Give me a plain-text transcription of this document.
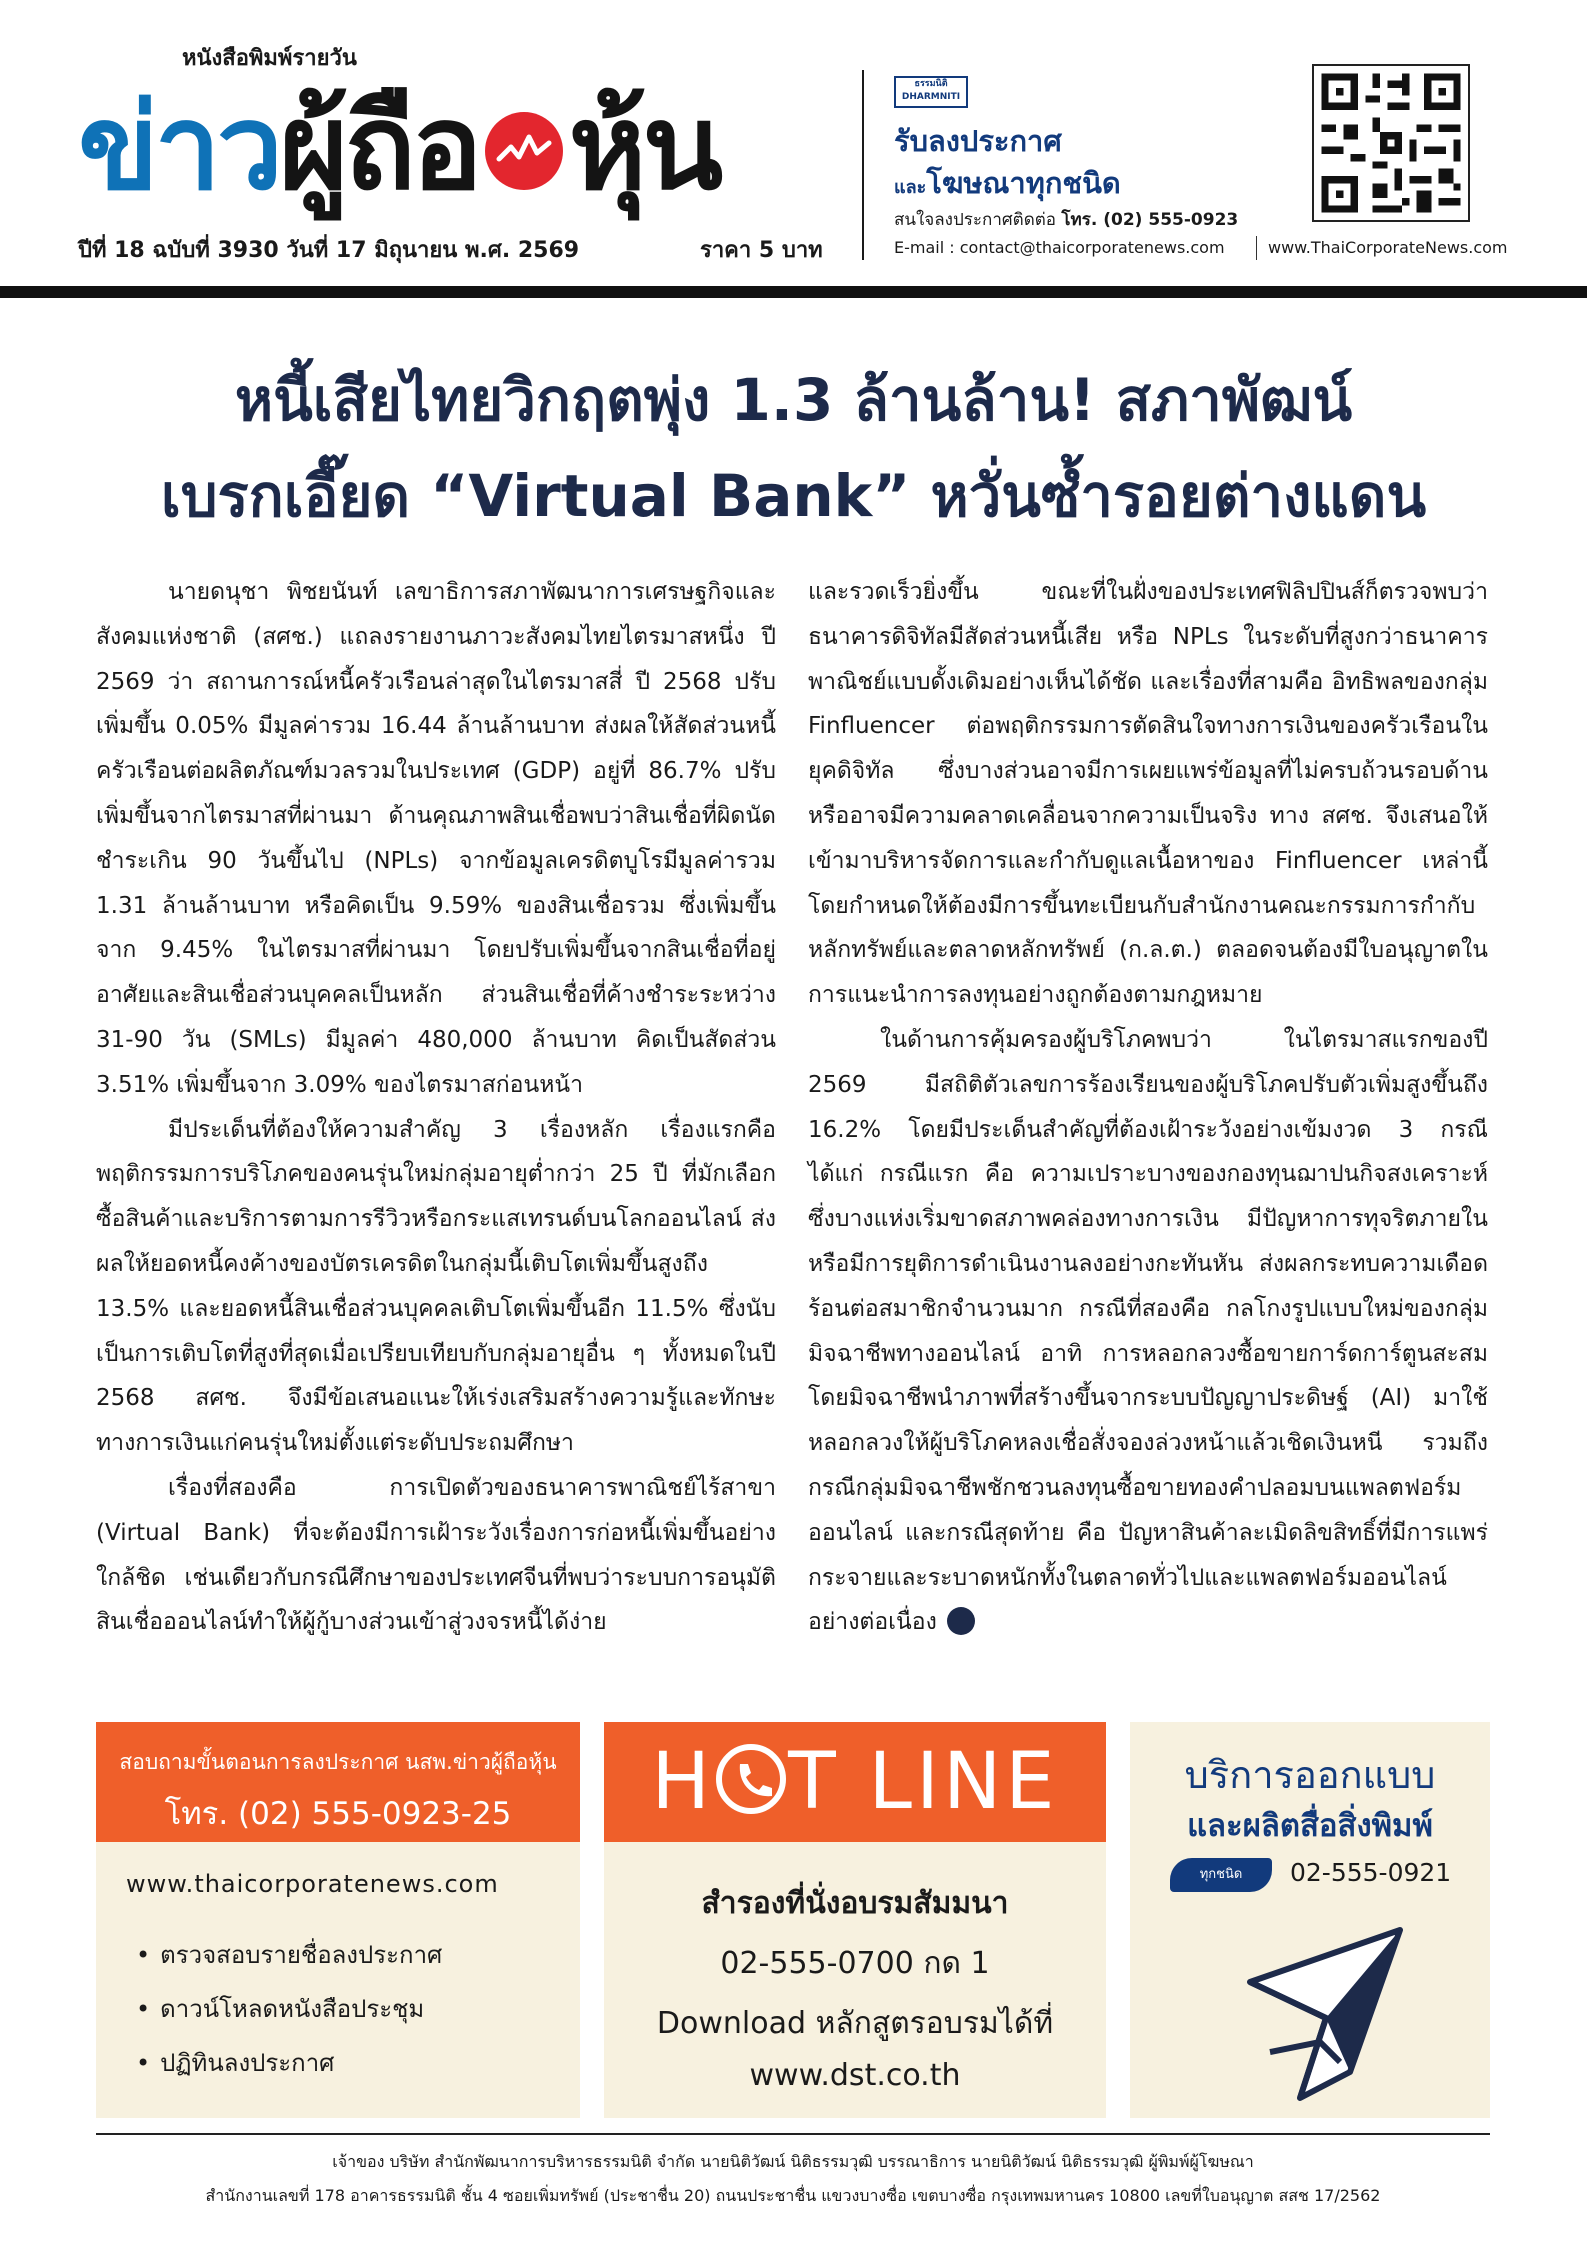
หนังสือพิมพ์รายวัน
ข่าว ผู้ถือ หุ้น
ปีที่ 18 ฉบับที่ 3930 วันที่ 17 มิถุนายน พ.ศ. 2569	ราคา 5 บาท
ธรรมนิติ
DHARMNITI
รับลงประกาศ
และโฆษณาทุกชนิด
สนใจลงประกาศติดต่อ โทร. (02) 555-0923
E-mail : contact@thaicorporatenews.com	www.ThaiCorporateNews.com
หนี้เสียไทยวิกฤตพุ่ง 1.3 ล้านล้าน! สภาพัฒน์
เบรกเอี๊ยด “Virtual Bank” หวั่นซ้ำรอยต่างแดน

นายดนุชา พิชยนันท์ เลขาธิการสภาพัฒนาการเศรษฐกิจและสังคมแห่งชาติ (สศช.) แถลงรายงานภาวะสังคมไทยไตรมาสหนึ่ง ปี 2569 ว่า สถานการณ์หนี้ครัวเรือนล่าสุดในไตรมาสสี่ ปี 2568 ปรับเพิ่มขึ้น 0.05% มีมูลค่ารวม 16.44 ล้านล้านบาท ส่งผลให้สัดส่วนหนี้ครัวเรือนต่อผลิตภัณฑ์มวลรวมในประเทศ (GDP) อยู่ที่ 86.7% ปรับเพิ่มขึ้นจากไตรมาสที่ผ่านมา ด้านคุณภาพสินเชื่อพบว่าสินเชื่อที่ผิดนัดชำระเกิน 90 วันขึ้นไป (NPLs) จากข้อมูลเครดิตบูโรมีมูลค่ารวม 1.31 ล้านล้านบาท หรือคิดเป็น 9.59% ของสินเชื่อรวม ซึ่งเพิ่มขึ้นจาก 9.45% ในไตรมาสที่ผ่านมา โดยปรับเพิ่มขึ้นจากสินเชื่อที่อยู่อาศัยและสินเชื่อส่วนบุคคลเป็นหลัก ส่วนสินเชื่อที่ค้างชำระระหว่าง 31-90 วัน (SMLs) มีมูลค่า 480,000 ล้านบาท คิดเป็นสัดส่วน 3.51% เพิ่มขึ้นจาก 3.09% ของไตรมาสก่อนหน้า

มีประเด็นที่ต้องให้ความสำคัญ 3 เรื่องหลัก เรื่องแรกคือ พฤติกรรมการบริโภคของคนรุ่นใหม่กลุ่มอายุต่ำกว่า 25 ปี ที่มักเลือกซื้อสินค้าและบริการตามการรีวิวหรือกระแสเทรนด์บนโลกออนไลน์ ส่งผลให้ยอดหนี้คงค้างของบัตรเครดิตในกลุ่มนี้เติบโตเพิ่มขึ้นสูงถึง 13.5% และยอดหนี้สินเชื่อส่วนบุคคลเติบโตเพิ่มขึ้นอีก 11.5% ซึ่งนับเป็นการเติบโตที่สูงที่สุดเมื่อเปรียบเทียบกับกลุ่มอายุอื่น ๆ ทั้งหมดในปี 2568 สศช. จึงมีข้อเสนอแนะให้เร่งเสริมสร้างความรู้และทักษะทางการเงินแก่คนรุ่นใหม่ตั้งแต่ระดับประถมศึกษา

เรื่องที่สองคือ การเปิดตัวของธนาคารพาณิชย์ไร้สาขา (Virtual Bank) ที่จะต้องมีการเฝ้าระวังเรื่องการก่อหนี้เพิ่มขึ้นอย่างใกล้ชิด เช่นเดียวกับกรณีศึกษาของประเทศจีนที่พบว่าระบบการอนุมัติสินเชื่อออนไลน์ทำให้ผู้กู้บางส่วนเข้าสู่วงจรหนี้ได้ง่าย

และรวดเร็วยิ่งขึ้น ขณะที่ในฝั่งของประเทศฟิลิปปินส์ก็ตรวจพบว่าธนาคารดิจิทัลมีสัดส่วนหนี้เสีย หรือ NPLs ในระดับที่สูงกว่าธนาคารพาณิชย์แบบดั้งเดิมอย่างเห็นได้ชัด และเรื่องที่สามคือ อิทธิพลของกลุ่ม Finfluencer ต่อพฤติกรรมการตัดสินใจทางการเงินของครัวเรือนในยุคดิจิทัล ซึ่งบางส่วนอาจมีการเผยแพร่ข้อมูลที่ไม่ครบถ้วนรอบด้านหรืออาจมีความคลาดเคลื่อนจากความเป็นจริง ทาง สศช. จึงเสนอให้เข้ามาบริหารจัดการและกำกับดูแลเนื้อหาของ Finfluencer เหล่านี้ โดยกำหนดให้ต้องมีการขึ้นทะเบียนกับสำนักงานคณะกรรมการกำกับหลักทรัพย์และตลาดหลักทรัพย์ (ก.ล.ต.) ตลอดจนต้องมีใบอนุญาตในการแนะนำการลงทุนอย่างถูกต้องตามกฎหมาย

ในด้านการคุ้มครองผู้บริโภคพบว่า ในไตรมาสแรกของปี 2569 มีสถิติตัวเลขการร้องเรียนของผู้บริโภคปรับตัวเพิ่มสูงขึ้นถึง 16.2% โดยมีประเด็นสำคัญที่ต้องเฝ้าระวังอย่างเข้มงวด 3 กรณี ได้แก่ กรณีแรก คือ ความเปราะบางของกองทุนฌาปนกิจสงเคราะห์ ซึ่งบางแห่งเริ่มขาดสภาพคล่องทางการเงิน มีปัญหาการทุจริตภายใน หรือมีการยุติการดำเนินงานลงอย่างกะทันหัน ส่งผลกระทบความเดือดร้อนต่อสมาชิกจำนวนมาก กรณีที่สองคือ กลโกงรูปแบบใหม่ของกลุ่มมิจฉาชีพทางออนไลน์ อาทิ การหลอกลวงซื้อขายการ์ดการ์ตูนสะสม โดยมิจฉาชีพนำภาพที่สร้างขึ้นจากระบบปัญญาประดิษฐ์ (AI) มาใช้หลอกลวงให้ผู้บริโภคหลงเชื่อสั่งจองล่วงหน้าแล้วเชิดเงินหนี รวมถึงกรณีกลุ่มมิจฉาชีพชักชวนลงทุนซื้อขายทองคำปลอมบนแพลตฟอร์มออนไลน์ และกรณีสุดท้าย คือ ปัญหาสินค้าละเมิดลิขสิทธิ์ที่มีการแพร่กระจายและระบาดหนักทั้งในตลาดทั่วไปและแพลตฟอร์มออนไลน์อย่างต่อเนื่อง

สอบถามขั้นตอนการลงประกาศ นสพ.ข่าวผู้ถือหุ้น
โทร. (02) 555-0923-25
www.thaicorporatenews.com
• ตรวจสอบรายชื่อลงประกาศ
• ดาวน์โหลดหนังสือประชุม
• ปฏิทินลงประกาศ
H T LINE
สำรองที่นั่งอบรมสัมมนา
02-555-0700 กด 1
Download หลักสูตรอบรมได้ที่
www.dst.co.th
บริการออกแบบ
และผลิตสื่อสิ่งพิมพ์
ทุกชนิด	02-555-0921
เจ้าของ บริษัท สำนักพัฒนาการบริหารธรรมนิติ จำกัด นายนิติวัฒน์ นิติธรรมวุฒิ บรรณาธิการ นายนิติวัฒน์ นิติธรรมวุฒิ ผู้พิมพ์ผู้โฆษณา
สำนักงานเลขที่ 178 อาคารธรรมนิติ ชั้น 4 ซอยเพิ่มทรัพย์ (ประชาชื่น 20) ถนนประชาชื่น แขวงบางซื่อ เขตบางซื่อ กรุงเทพมหานคร 10800 เลขที่ใบอนุญาต สสช 17/2562
